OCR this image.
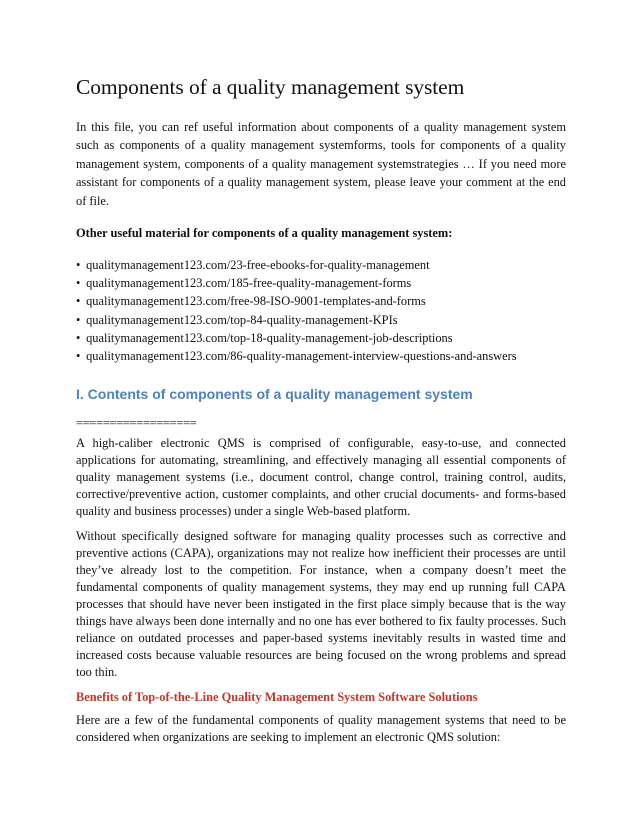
Components of a quality management system

In this file, you can ref useful information about components of a quality management system such as components of a quality management systemforms, tools for components of a quality management system, components of a quality management systemstrategies … If you need more assistant for components of a quality management system, please leave your comment at the end of file.

Other useful material for components of a quality management system:

• qualitymanagement123.com/23-free-ebooks-for-quality-management
• qualitymanagement123.com/185-free-quality-management-forms
• qualitymanagement123.com/free-98-ISO-9001-templates-and-forms
• qualitymanagement123.com/top-84-quality-management-KPIs
• qualitymanagement123.com/top-18-quality-management-job-descriptions
• qualitymanagement123.com/86-quality-management-interview-questions-and-answers
I. Contents of components of a quality management system
==================

A high-caliber electronic QMS is comprised of configurable, easy-to-use, and connected applications for automating, streamlining, and effectively managing all essential components of quality management systems (i.e., document control, change control, training control, audits, corrective/preventive action, customer complaints, and other crucial documents- and forms-based quality and business processes) under a single Web-based platform.

Without specifically designed software for managing quality processes such as corrective and preventive actions (CAPA), organizations may not realize how inefficient their processes are until they’ve already lost to the competition. For instance, when a company doesn’t meet the fundamental components of quality management systems, they may end up running full CAPA processes that should have never been instigated in the first place simply because that is the way things have always been done internally and no one has ever bothered to fix faulty processes. Such reliance on outdated processes and paper-based systems inevitably results in wasted time and increased costs because valuable resources are being focused on the wrong problems and spread too thin.

Benefits of Top-of-the-Line Quality Management System Software Solutions

Here are a few of the fundamental components of quality management systems that need to be considered when organizations are seeking to implement an electronic QMS solution:
